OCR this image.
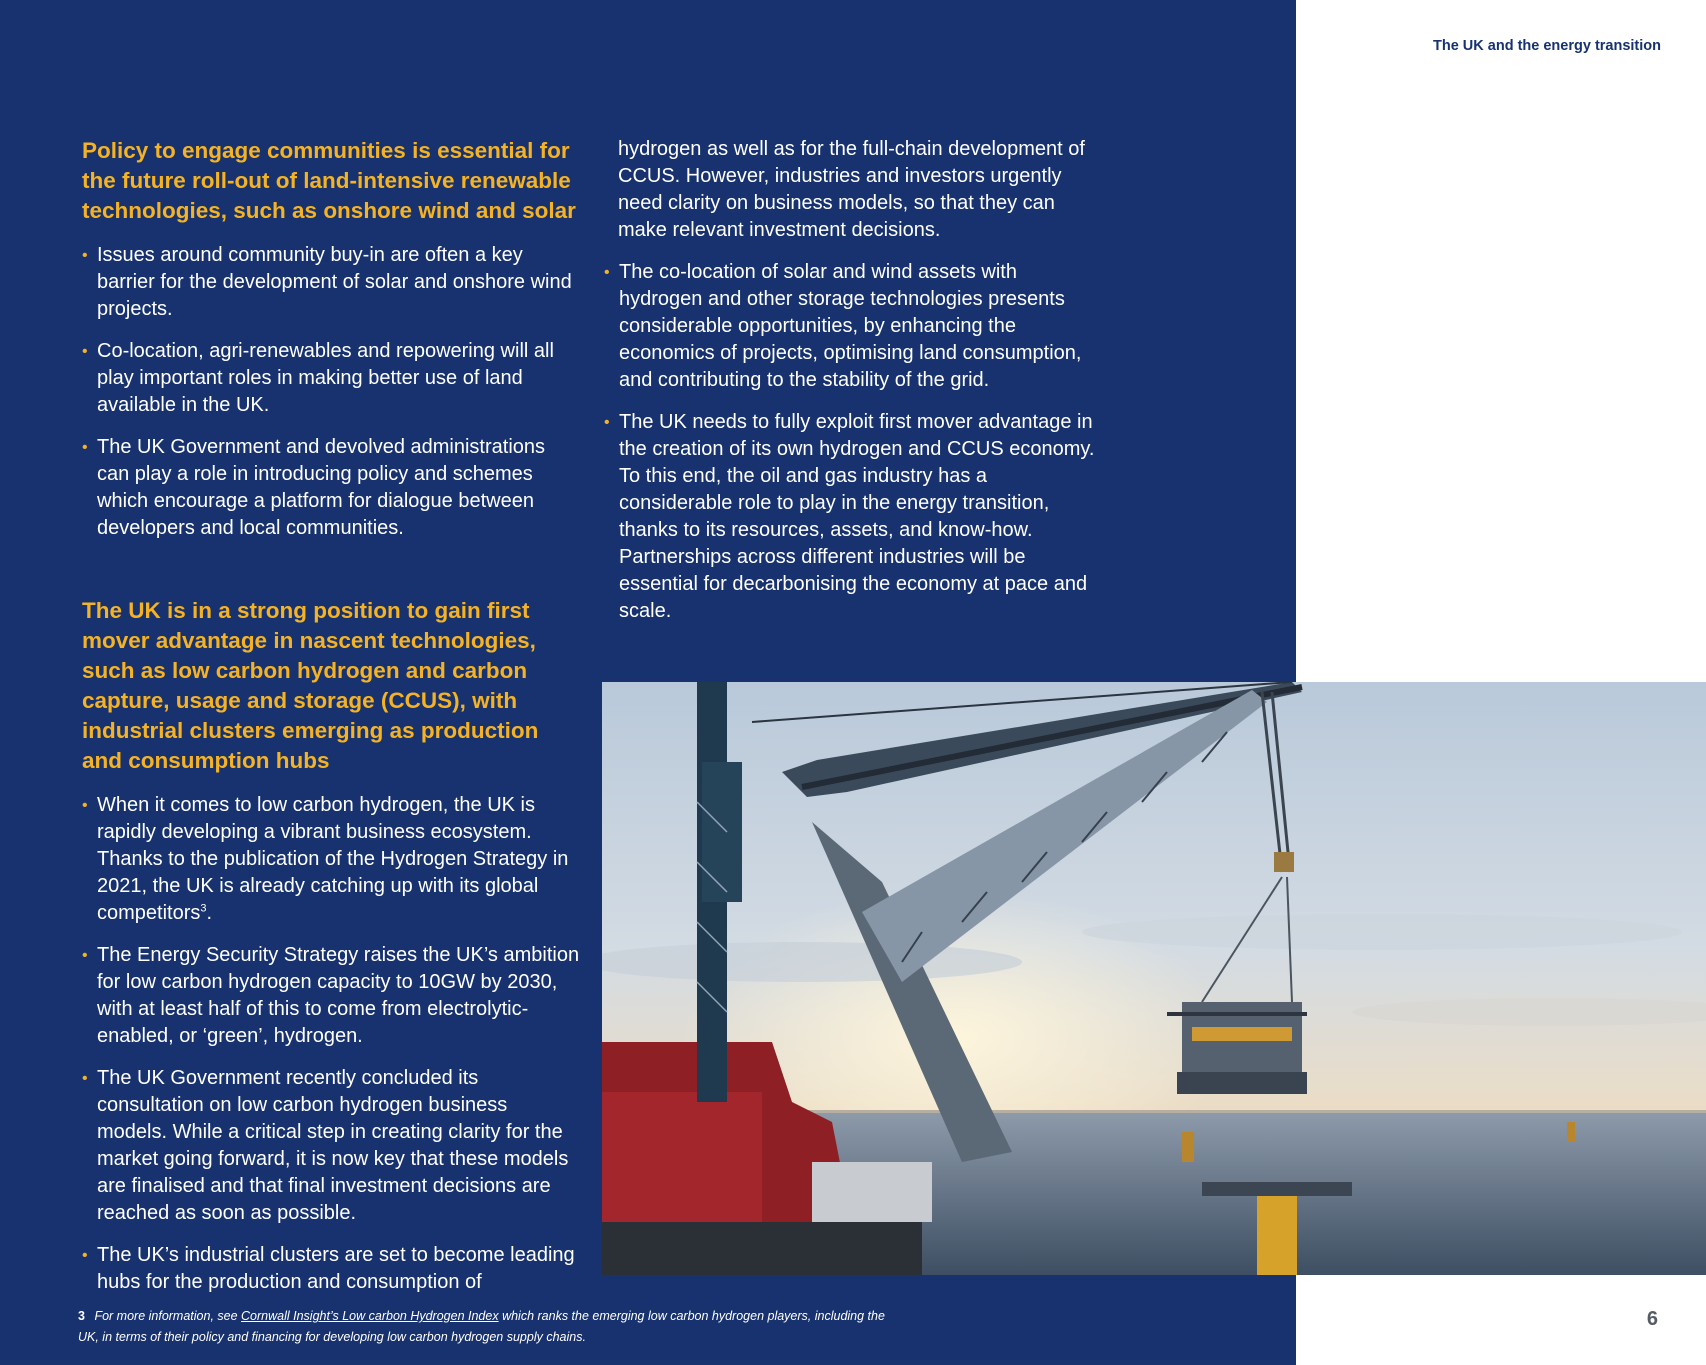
The UK and the energy transition
Policy to engage communities is essential for the future roll-out of land-intensive renewable technologies, such as onshore wind and solar
• Issues around community buy-in are often a key barrier for the development of solar and onshore wind projects.
• Co-location, agri-renewables and repowering will all play important roles in making better use of land available in the UK.
• The UK Government and devolved administrations can play a role in introducing policy and schemes which encourage a platform for dialogue between developers and local communities.
The UK is in a strong position to gain first mover advantage in nascent technologies, such as low carbon hydrogen and carbon capture, usage and storage (CCUS), with industrial clusters emerging as production and consumption hubs
• When it comes to low carbon hydrogen, the UK is rapidly developing a vibrant business ecosystem. Thanks to the publication of the Hydrogen Strategy in 2021, the UK is already catching up with its global competitors$^3$.
• The Energy Security Strategy raises the UK’s ambition for low carbon hydrogen capacity to 10GW by 2030, with at least half of this to come from electrolytic-enabled, or ‘green’, hydrogen.
• The UK Government recently concluded its consultation on low carbon hydrogen business models. While a critical step in creating clarity for the market going forward, it is now key that these models are finalised and that final investment decisions are reached as soon as possible.
• The UK’s industrial clusters are set to become leading hubs for the production and consumption of

hydrogen as well as for the full-chain development of CCUS. However, industries and investors urgently need clarity on business models, so that they can make relevant investment decisions.

• The co-location of solar and wind assets with hydrogen and other storage technologies presents considerable opportunities, by enhancing the economics of projects, optimising land consumption, and contributing to the stability of the grid.
• The UK needs to fully exploit first mover advantage in the creation of its own hydrogen and CCUS economy. To this end, the oil and gas industry has a considerable role to play in the energy transition, thanks to its resources, assets, and know-how. Partnerships across different industries will be essential for decarbonising the economy at pace and scale.
3 For more information, see Cornwall Insight’s Low carbon Hydrogen Index which ranks the emerging low carbon hydrogen players, including the UK, in terms of their policy and financing for developing low carbon hydrogen supply chains.
6
